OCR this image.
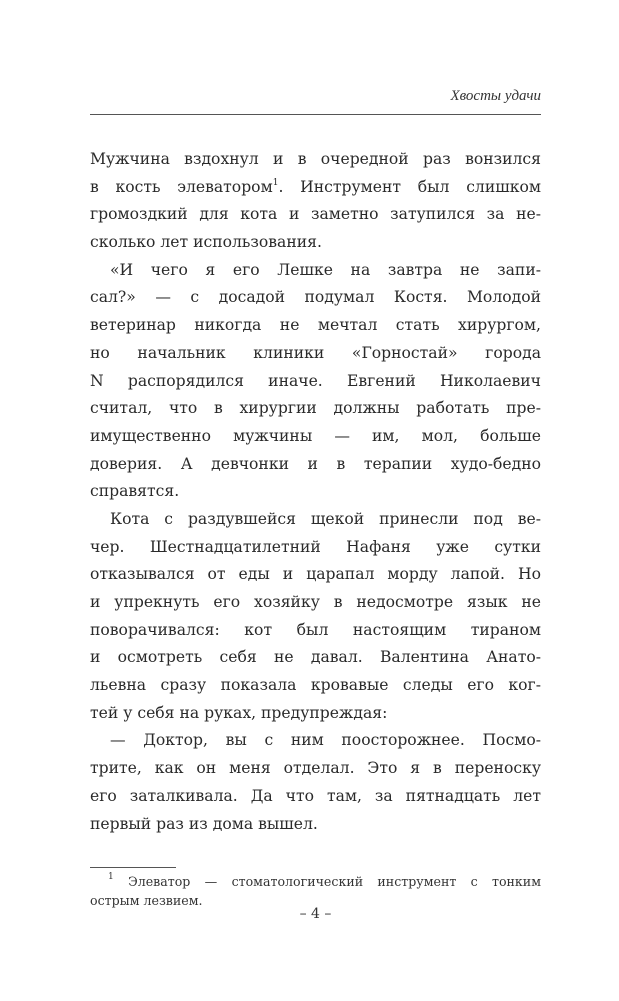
Хвосты удачи
Мужчина вздохнул и в очередной раз вонзился
в кость элеватором$^1$. Инструмент был слишком
громоздкий для кота и заметно затупился за не-
сколько лет использования.
«И чего я его Лешке на завтра не запи-
сал?» — с досадой подумал Костя. Молодой
ветеринар никогда не мечтал стать хирургом,
но начальник клиники «Горностай» города
N распорядился иначе. Евгений Николаевич
считал, что в хирургии должны работать пре-
имущественно мужчины — им, мол, больше
доверия. А девчонки и в терапии худо-бедно
справятся.
Кота с раздувшейся щекой принесли под ве-
чер. Шестнадцатилетний Нафаня уже сутки
отказывался от еды и царапал морду лапой. Но
и упрекнуть его хозяйку в недосмотре язык не
поворачивался: кот был настоящим тираном
и осмотреть себя не давал. Валентина Анато-
льевна сразу показала кровавые следы его ког-
тей у себя на руках, предупреждая:
— Доктор, вы с ним поосторожнее. Посмо-
трите, как он меня отделал. Это я в переноску
его заталкивала. Да что там, за пятнадцать лет
первый раз из дома вышел.
$^1$ Элеватор — стоматологический инструмент с тонким
острым лезвием.
– 4 –
